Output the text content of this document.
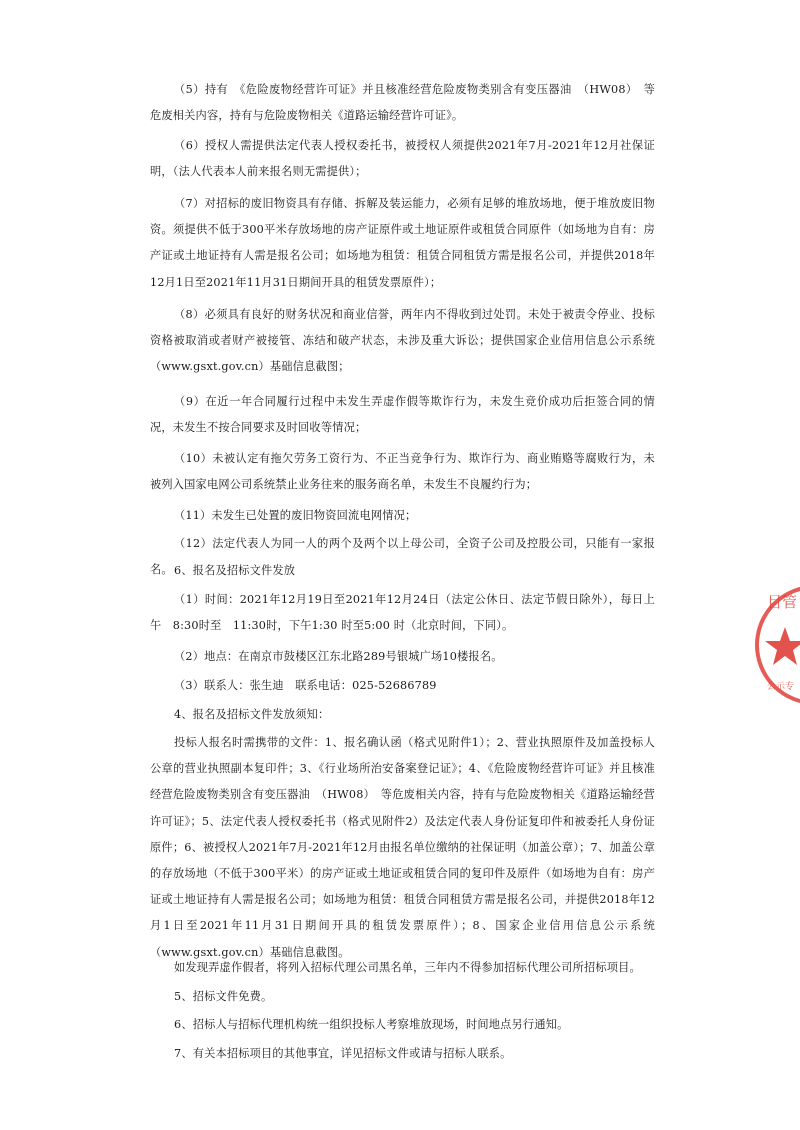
（5）持有　《危险废物经营许可证》并且核准经营危险废物类别含有变压器油　（HW08）　等危废相关内容，持有与危险废物相关《道路运输经营许可证》。

（6）授权人需提供法定代表人授权委托书，被授权人须提供2021年7月-2021年12月社保证明，（法人代表本人前来报名则无需提供）；

（7）对招标的废旧物资具有存储、拆解及装运能力，必须有足够的堆放场地，便于堆放废旧物资。须提供不低于300平米存放场地的房产证原件或土地证原件或租赁合同原件（如场地为自有：房产证或土地证持有人需是报名公司；如场地为租赁：租赁合同租赁方需是报名公司，并提供2018年12月1日至2021年11月31日期间开具的租赁发票原件）；

（8）必须具有良好的财务状况和商业信誉，两年内不得收到过处罚。未处于被责令停业、投标资格被取消或者财产被接管、冻结和破产状态，未涉及重大诉讼；提供国家企业信用信息公示系统（www.gsxt.gov.cn）基础信息截图；

（9）在近一年合同履行过程中未发生弄虚作假等欺诈行为，未发生竞价成功后拒签合同的情况，未发生不按合同要求及时回收等情况；

（10）未被认定有拖欠劳务工资行为、不正当竞争行为、欺诈行为、商业贿赂等腐败行为，未被列入国家电网公司系统禁止业务往来的服务商名单，未发生不良履约行为；

（11）未发生已处置的废旧物资回流电网情况；

（12）法定代表人为同一人的两个及两个以上母公司，全资子公司及控股公司，只能有一家报名。 6、报名及招标文件发放

（1）时间：2021年12月19日至2021年12月24日（法定公休日、法定节假日除外），每日上午　8:30时至　11:30时，下午1:30 时至5:00 时（北京时间，下同）。

（2）地点：在南京市鼓楼区江东北路289号银城广场10楼报名。

（3）联系人：张生迪　联系电话：025-52686789

4、报名及招标文件发放须知：

投标人报名时需携带的文件：1、报名确认函（格式见附件1）；2、营业执照原件及加盖投标人公章的营业执照副本复印件；3、《行业场所治安备案登记证》；4、《危险废物经营许可证》并且核准经营危险废物类别含有变压器油　（HW08）　等危废相关内容，持有与危险废物相关《道路运输经营许可证》；5、法定代表人授权委托书（格式见附件2）及法定代表人身份证复印件和被委托人身份证原件；6、被授权人2021年7月-2021年12月由报名单位缴纳的社保证明（加盖公章）；7、加盖公章的存放场地（不低于300平米）的房产证或土地证或租赁合同的复印件及原件（如场地为自有：房产证或土地证持有人需是报名公司；如场地为租赁：租赁合同租赁方需是报名公司，并提供2018年12月1日至2021年11月31日期间开具的租赁发票原件）；8、国家企业信用信息公示系统（www.gsxt.gov.cn）基础信息截图。

如发现弄虚作假者，将列入招标代理公司黑名单，三年内不得参加招标代理公司所招标项目。

5、招标文件免费。

6、招标人与招标代理机构统一组织投标人考察堆放现场，时间地点另行通知。

7、有关本招标项目的其他事宜，详见招标文件或请与招标人联系。

目管
公示专
